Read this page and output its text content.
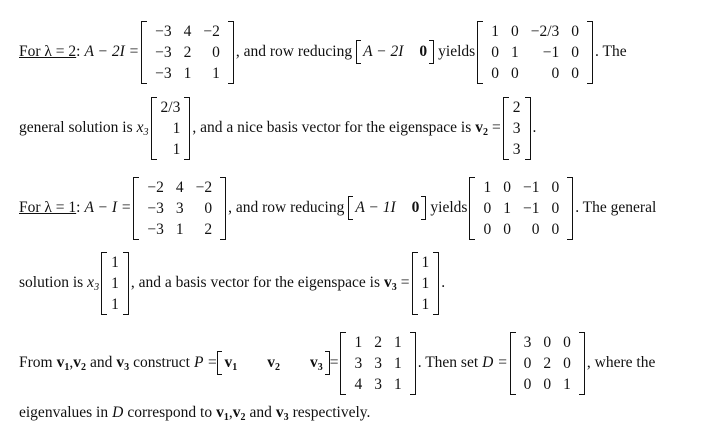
For λ = 2 : A − 2I =
−3	4	−2
−3	2	0
−3	1	1
, and row reducing A − 2I 0 yields
1	0	−2/3	0
0	1	−1	0
0	0	0	0
. The
general solution is $x_3$
2/3
1
1
, and a nice basis vector for the eigenspace is $v_2$ =
2
3
3
.
For λ = 1 : A − I =
−2	4	−2
−3	3	0
−3	1	2
, and row reducing A − 1I 0 yields
1	0	−1	0
0	1	−1	0
0	0	0	0
. The general
solution is $x_3$
1
1
1
, and a basis vector for the eigenspace is $v_3$ =
1
1
1
.
From $v_1$ , $v_2$ and $v_3$ construct $P = v_1$ $v_2$ $v_3$ =
1	2	1
3	3	1
4	3	1
. Then set D =
3	0	0
0	2	0
0	0	1
, where the
eigenvalues in D correspond to $v_1$ , $v_2$ and $v_3$ respectively.
